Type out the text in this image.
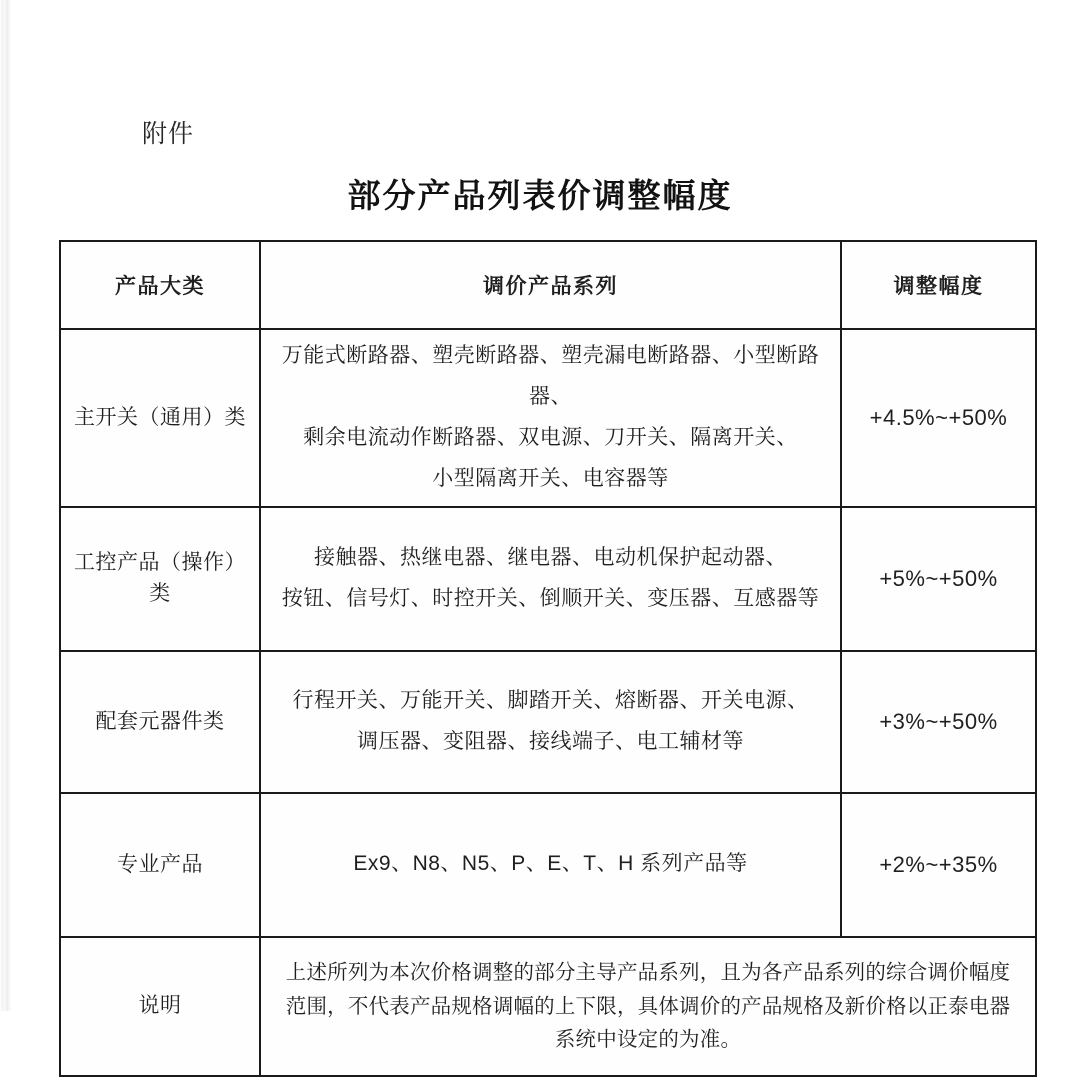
附件
部分产品列表价调整幅度
产品大类	调价产品系列	调整幅度
主开关（通用）类	万能式断路器、塑壳断路器、塑壳漏电断路器、小型断路器、
剩余电流动作断路器、双电源、刀开关、隔离开关、
小型隔离开关、电容器等	+4.5%~+50%
工控产品（操作）类	接触器、热继电器、继电器、电动机保护起动器、
按钮、信号灯、时控开关、倒顺开关、变压器、互感器等	+5%~+50%
配套元器件类	行程开关、万能开关、脚踏开关、熔断器、开关电源、
调压器、变阻器、接线端子、电工辅材等	+3%~+50%
专业产品	Ex9、N8、N5、P、E、T、H 系列产品等	+2%~+35%
说明	上述所列为本次价格调整的部分主导产品系列，且为各产品系列的综合调价幅度
范围，不代表产品规格调幅的上下限，具体调价的产品规格及新价格以正泰电器
系统中设定的为准。	
